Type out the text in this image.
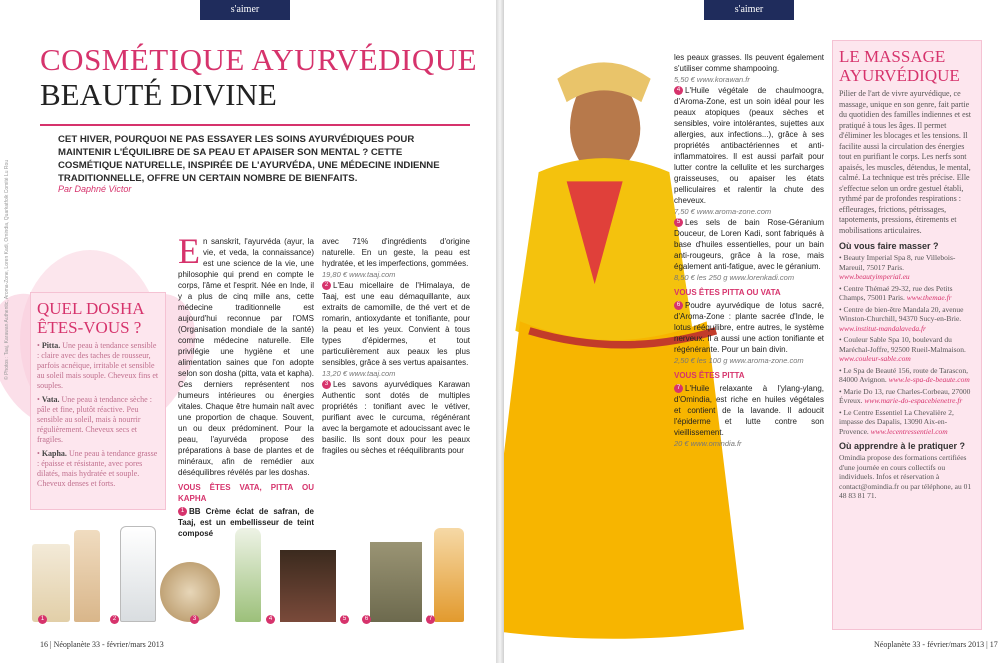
s'aimer
COSMÉTIQUE AYURVÉDIQUE
BEAUTÉ DIVINE
CET HIVER, POURQUOI NE PAS ESSAYER LES SOINS AYURVÉDIQUES POUR MAINTENIR L'ÉQUILIBRE DE SA PEAU ET APAISER SON MENTAL ? CETTE COSMÉTIQUE NATURELLE, INSPIRÉE DE L'AYURVÉDA, UNE MÉDECINE INDIENNE TRADITIONNELLE, OFFRE UN CERTAIN NOMBRE DE BIENFAITS.
Par Daphné Victor
QUEL DOSHA ÊTES-VOUS ?
• Pitta. Une peau à tendance sensible : claire avec des taches de rousseur, parfois acnéique, irritable et sensible au soleil mais souple. Cheveux fins et souples.
• Vata. Une peau à tendance sèche : pâle et fine, plutôt réactive. Peu sensible au soleil, mais à nourrir régulièrement. Cheveux secs et fragiles.
• Kapha. Une peau à tendance grasse : épaisse et résistante, avec pores dilatés, mais hydratée et souple. Cheveux denses et forts.
E n sanskrit, l'ayurvéda (ayur, la vie, et veda, la connaissance) est une science de la vie, une philosophie qui prend en compte le corps, l'âme et l'esprit. Née en Inde, il y a plus de cinq mille ans, cette médecine traditionnelle est aujourd'hui reconnue par l'OMS (Organisation mondiale de la santé) comme médecine naturelle. Elle privilégie une hygiène et une alimentation saines que l'on adopte selon son dosha (pitta, vata et kapha). Ces derniers représentent nos humeurs intérieures ou énergies vitales. Chaque être humain naît avec une proportion de chaque. Souvent, un ou deux prédominent. Pour la peau, l'ayurvéda propose des préparations à base de plantes et de minéraux, afin de remédier aux déséquilibres révélés par les doshas.
VOUS ÊTES VATA, PITTA OU KAPHA
1 BB Crème éclat de safran, de Taaj, est un embellisseur de teint composé
avec 71% d'ingrédients d'origine naturelle. En un geste, la peau est hydratée, et les imperfections, gommées.
19,80 € www.taaj.com
2 L'Eau micellaire de l'Himalaya, de Taaj, est une eau démaquillante, aux extraits de camomille, de thé vert et de romarin, antioxydante et tonifiante, pour la peau et les yeux. Convient à tous types d'épidermes, et tout particulièrement aux peaux les plus sensibles, grâce à ses vertus apaisantes.
13,20 € www.taaj.com
3 Les savons ayurvédiques Karawan Authentic sont dotés de multiples propriétés : tonifiant avec le vétiver, purifiant avec le curcuma, régénérant avec la bergamote et adoucissant avec le basilic. Ils sont doux pour les peaux fragiles ou sèches et rééquilibrants pour
1	2	3	4	5	6	7
© Photos : Taaj, Karawan Authentic, Aroma-Zone, Loren Kadi, Omindia, Quarkatfolk Comité Lu Rou
16 | Néoplanète 33 - février/mars 2013
s'aimer
les peaux grasses. Ils peuvent également s'utiliser comme shampooing.
5,50 € www.korawan.fr
4 L'Huile végétale de chaulmoogra, d'Aroma-Zone, est un soin idéal pour les peaux atopiques (peaux sèches et sensibles, voire intolérantes, sujettes aux allergies, aux infections...), grâce à ses propriétés antibactériennes et anti-inflammatoires. Il est aussi parfait pour lutter contre la cellulite et les surcharges graisseuses, ou apaiser les états pelliculaires et ralentir la chute des cheveux.
7,50 € www.aroma-zone.com
5 Les sels de bain Rose-Géranium Douceur, de Loren Kadi, sont fabriqués à base d'huiles essentielles, pour un bain anti-rougeurs, grâce à la rose, mais également anti-fatigue, avec le géranium.
8,50 € les 250 g www.lorenkadi.com
VOUS ÊTES PITTA OU VATA
6 Poudre ayurvédique de lotus sacré, d'Aroma-Zone : plante sacrée d'Inde, le lotus rééquilibre, entre autres, le système nerveux. Il a aussi une action tonifiante et régénérante. Pour un bain divin.
2,50 € les 100 g www.aroma-zone.com
VOUS ÊTES PITTA
7 L'Huile relaxante à l'ylang-ylang, d'Omindia, est riche en huiles végétales et contient de la lavande. Il adoucit l'épiderme et lutte contre son vieillissement.
20 € www.omindia.fr
LE MASSAGE AYURVÉDIQUE

Pilier de l'art de vivre ayurvédique, ce massage, unique en son genre, fait partie du quotidien des familles indiennes et est pratiqué à tous les âges. Il permet d'éliminer les blocages et les tensions. Il facilite aussi la circulation des énergies tout en purifiant le corps. Les nerfs sont apaisés, les muscles, détendus, le mental, calmé. La technique est très précise. Elle s'effectue selon un ordre gestuel établi, rythmé par de profondes respirations : effleurages, frictions, pétrissages, tapotements, pressions, étirements et mobilisations articulaires.

Où vous faire masser ?
• Beauty Imperial Spa 8, rue Villebois-Mareuil, 75017 Paris. www.beautyimperial.eu
• Centre Thémaé 29-32, rue des Petits Champs, 75001 Paris. www.themae.fr
• Centre de bien-être Mandala 20, avenue Winston-Churchill, 94370 Sucy-en-Brie. www.institut-mandalaveda.fr
• Couleur Sable Spa 10, boulevard du Maréchal-Joffre, 92500 Rueil-Malmaison. www.couleur-sable.com
• Le Spa de Beauté 156, route de Tarascon, 84000 Avignon. www.le-spa-de-beaute.com
• Marie Do 13, rue Charles-Corbeau, 27000 Évreux. www.marie-do-espacebienetre.fr
• Le Centre Essentiel La Chevalière 2, impasse des Dapalis, 13090 Aix-en-Provence. www.lecentressentiel.com
Où apprendre à le pratiquer ?
Omindia propose des formations certifiées d'une journée en cours collectifs ou individuels. Infos et réservation à contact@omindia.fr ou par téléphone, au 01 48 83 81 71.
Néoplanète 33 - février/mars 2013 | 17
